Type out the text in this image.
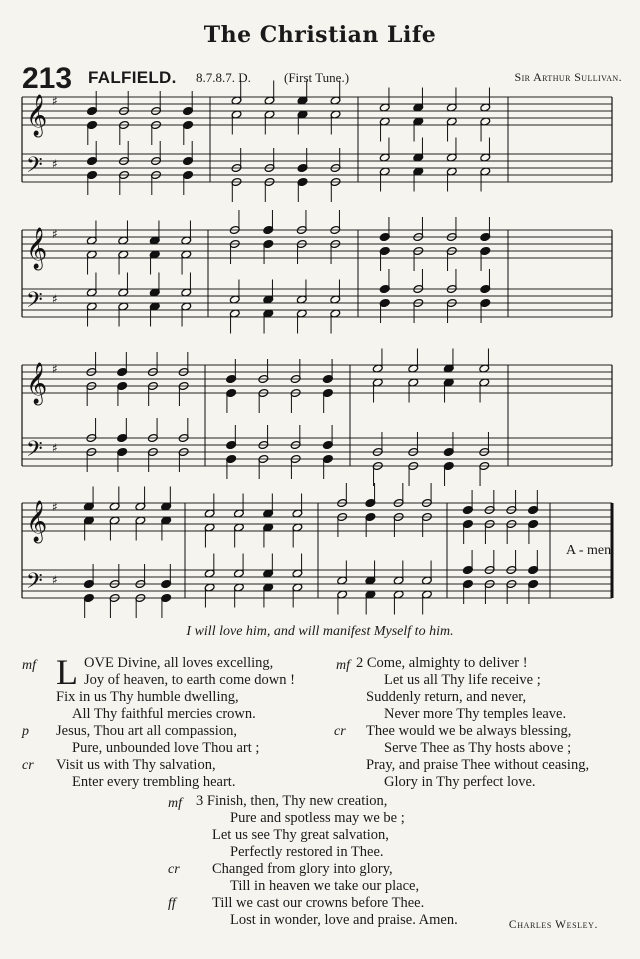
The Christian Life
213 FALFIELD. 8.7.8.7. D.	(First Tune.)	Sir Arthur Sullivan.
𝄞 ♯
𝄢 ♯
𝄞 ♯
𝄢 ♯
𝄞 ♯
𝄢 ♯
𝄞 ♯
𝄢 ♯
A - men.
I will love him, and will manifest Myself to him.
mf L OVE Divine, all loves excelling,
Joy of heaven, to earth come down !
Fix in us Thy humble dwelling,
All Thy faithful mercies crown.
p Jesus, Thou art all compassion,
Pure, unbounded love Thou art ;
cr Visit us with Thy salvation,
Enter every trembling heart.
mf 2 Come, almighty to deliver !
Let us all Thy life receive ;
Suddenly return, and never,
Never more Thy temples leave.
cr Thee would we be always blessing,
Serve Thee as Thy hosts above ;
Pray, and praise Thee without ceasing,
Glory in Thy perfect love.
mf 3 Finish, then, Thy new creation,
Pure and spotless may we be ;
Let us see Thy great salvation,
Perfectly restored in Thee.
cr Changed from glory into glory,
Till in heaven we take our place,
ff Till we cast our crowns before Thee.
Lost in wonder, love and praise. Amen.	Charles Wesley.
